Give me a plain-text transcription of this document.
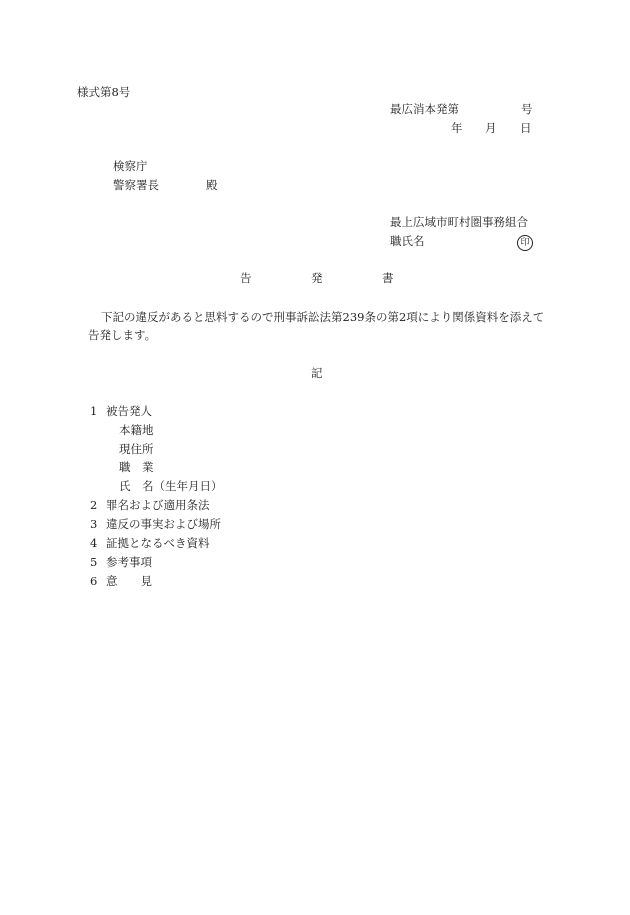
様式第8号
最広消本発第	号
年 月 日
検察庁
警察署長	殿
最上広域市町村圏事務組合
職氏名	印
告	発	書
下記の違反があると思料するので刑事訴訟法第239条の第2項により関係資料を添えて
告発します。
記
1 被告発人
本籍地
現住所
職　業
氏　名（生年月日）
2 罪名および適用条法
3 違反の事実および場所
4 証拠となるべき資料
5 参考事項
6 意　　見
